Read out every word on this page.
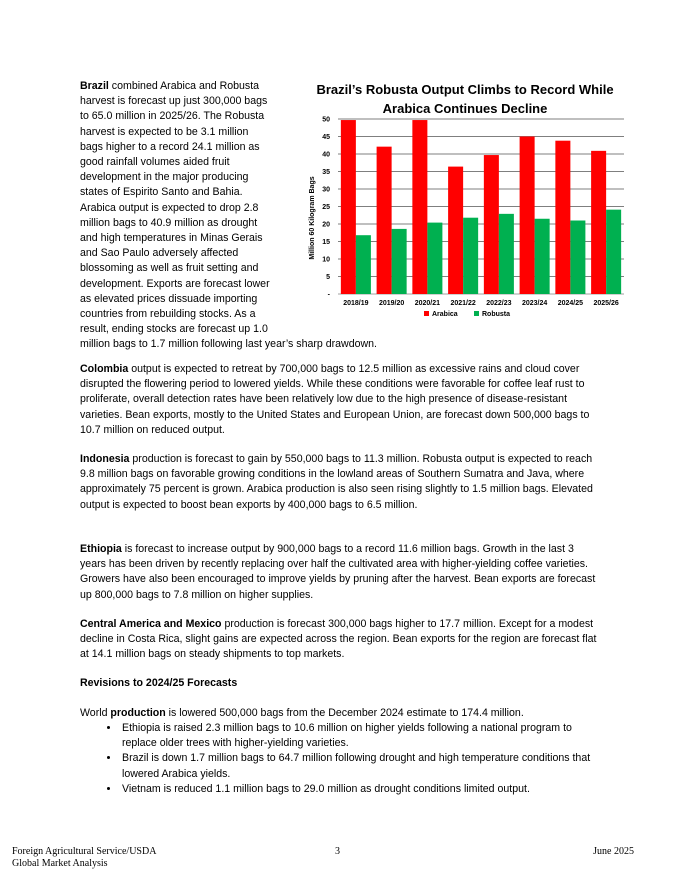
Brazil combined Arabica and Robusta
harvest is forecast up just 300,000 bags
to 65.0 million in 2025/26. The Robusta
harvest is expected to be 3.1 million
bags higher to a record 24.1 million as
good rainfall volumes aided fruit
development in the major producing
states of Espirito Santo and Bahia.
Arabica output is expected to drop 2.8
million bags to 40.9 million as drought
and high temperatures in Minas Gerais
and Sao Paulo adversely affected
blossoming as well as fruit setting and
development. Exports are forecast lower
as elevated prices dissuade importing
countries from rebuilding stocks. As a
result, ending stocks are forecast up 1.0
million bags to 1.7 million following last year’s sharp drawdown.
Brazil’s Robusta Output Climbs to Record While
Arabica Continues Decline
-
5
10
15
20
25
30
35
40
45
50
2018/19 2019/20 2020/21 2021/22 2022/23 2023/24 2024/25 2025/26
Million 60 Kilogram Bags
Arabica	Robusta

Colombia output is expected to retreat by 700,000 bags to 12.5 million as excessive rains and cloud cover disrupted the flowering period to lowered yields. While these conditions were favorable for coffee leaf rust to proliferate, overall detection rates have been relatively low due to the high presence of disease-resistant varieties. Bean exports, mostly to the United States and European Union, are forecast down 500,000 bags to 10.7 million on reduced output.

Indonesia production is forecast to gain by 550,000 bags to 11.3 million. Robusta output is expected to reach 9.8 million bags on favorable growing conditions in the lowland areas of Southern Sumatra and Java, where approximately 75 percent is grown. Arabica production is also seen rising slightly to 1.5 million bags. Elevated output is expected to boost bean exports by 400,000 bags to 6.5 million.

Ethiopia is forecast to increase output by 900,000 bags to a record 11.6 million bags. Growth in the last 3 years has been driven by recently replacing over half the cultivated area with higher-yielding coffee varieties. Growers have also been encouraged to improve yields by pruning after the harvest. Bean exports are forecast up 800,000 bags to 7.8 million on higher supplies.

Central America and Mexico production is forecast 300,000 bags higher to 17.7 million. Except for a modest decline in Costa Rica, slight gains are expected across the region. Bean exports for the region are forecast flat at 14.1 million bags on steady shipments to top markets.

Revisions to 2024/25 Forecasts

World production is lowered 500,000 bags from the December 2024 estimate to 174.4 million.

• Ethiopia is raised 2.3 million bags to 10.6 million on higher yields following a national program to replace older trees with higher-yielding varieties.
• Brazil is down 1.7 million bags to 64.7 million following drought and high temperature conditions that lowered Arabica yields.
• Vietnam is reduced 1.1 million bags to 29.0 million as drought conditions limited output.
Foreign Agricultural Service/USDA
Global Market Analysis
3	June 2025
